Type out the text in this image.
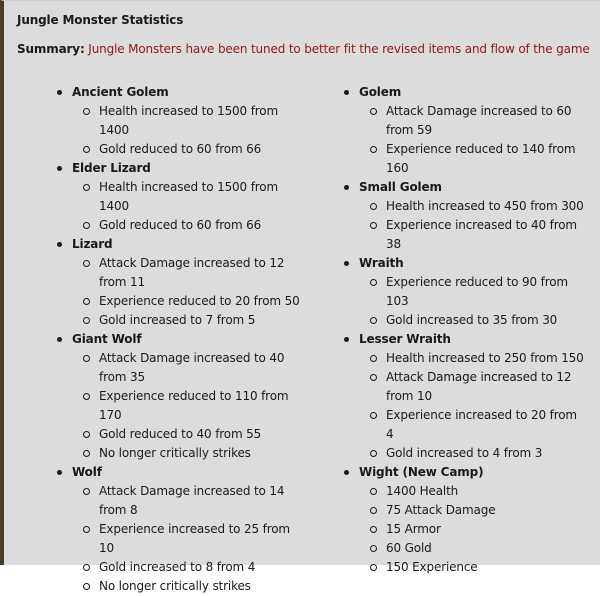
Jungle Monster Statistics
Summary: Jungle Monsters have been tuned to better fit the revised items and flow of the game
Ancient Golem
Health increased to 1500 from 1400
Gold reduced to 60 from 66
Elder Lizard
Health increased to 1500 from 1400
Gold reduced to 60 from 66
Lizard
Attack Damage increased to 12 from 11
Experience reduced to 20 from 50
Gold increased to 7 from 5
Giant Wolf
Attack Damage increased to 40 from 35
Experience reduced to 110 from 170
Gold reduced to 40 from 55
No longer critically strikes
Wolf
Attack Damage increased to 14 from 8
Experience increased to 25 from 10
Gold increased to 8 from 4
No longer critically strikes
Golem
Attack Damage increased to 60 from 59
Experience reduced to 140 from 160
Small Golem
Health increased to 450 from 300
Experience increased to 40 from 38
Wraith
Experience reduced to 90 from 103
Gold increased to 35 from 30
Lesser Wraith
Health increased to 250 from 150
Attack Damage increased to 12 from 10
Experience increased to 20 from 4
Gold increased to 4 from 3
Wight (New Camp)
1400 Health
75 Attack Damage
15 Armor
60 Gold
150 Experience
